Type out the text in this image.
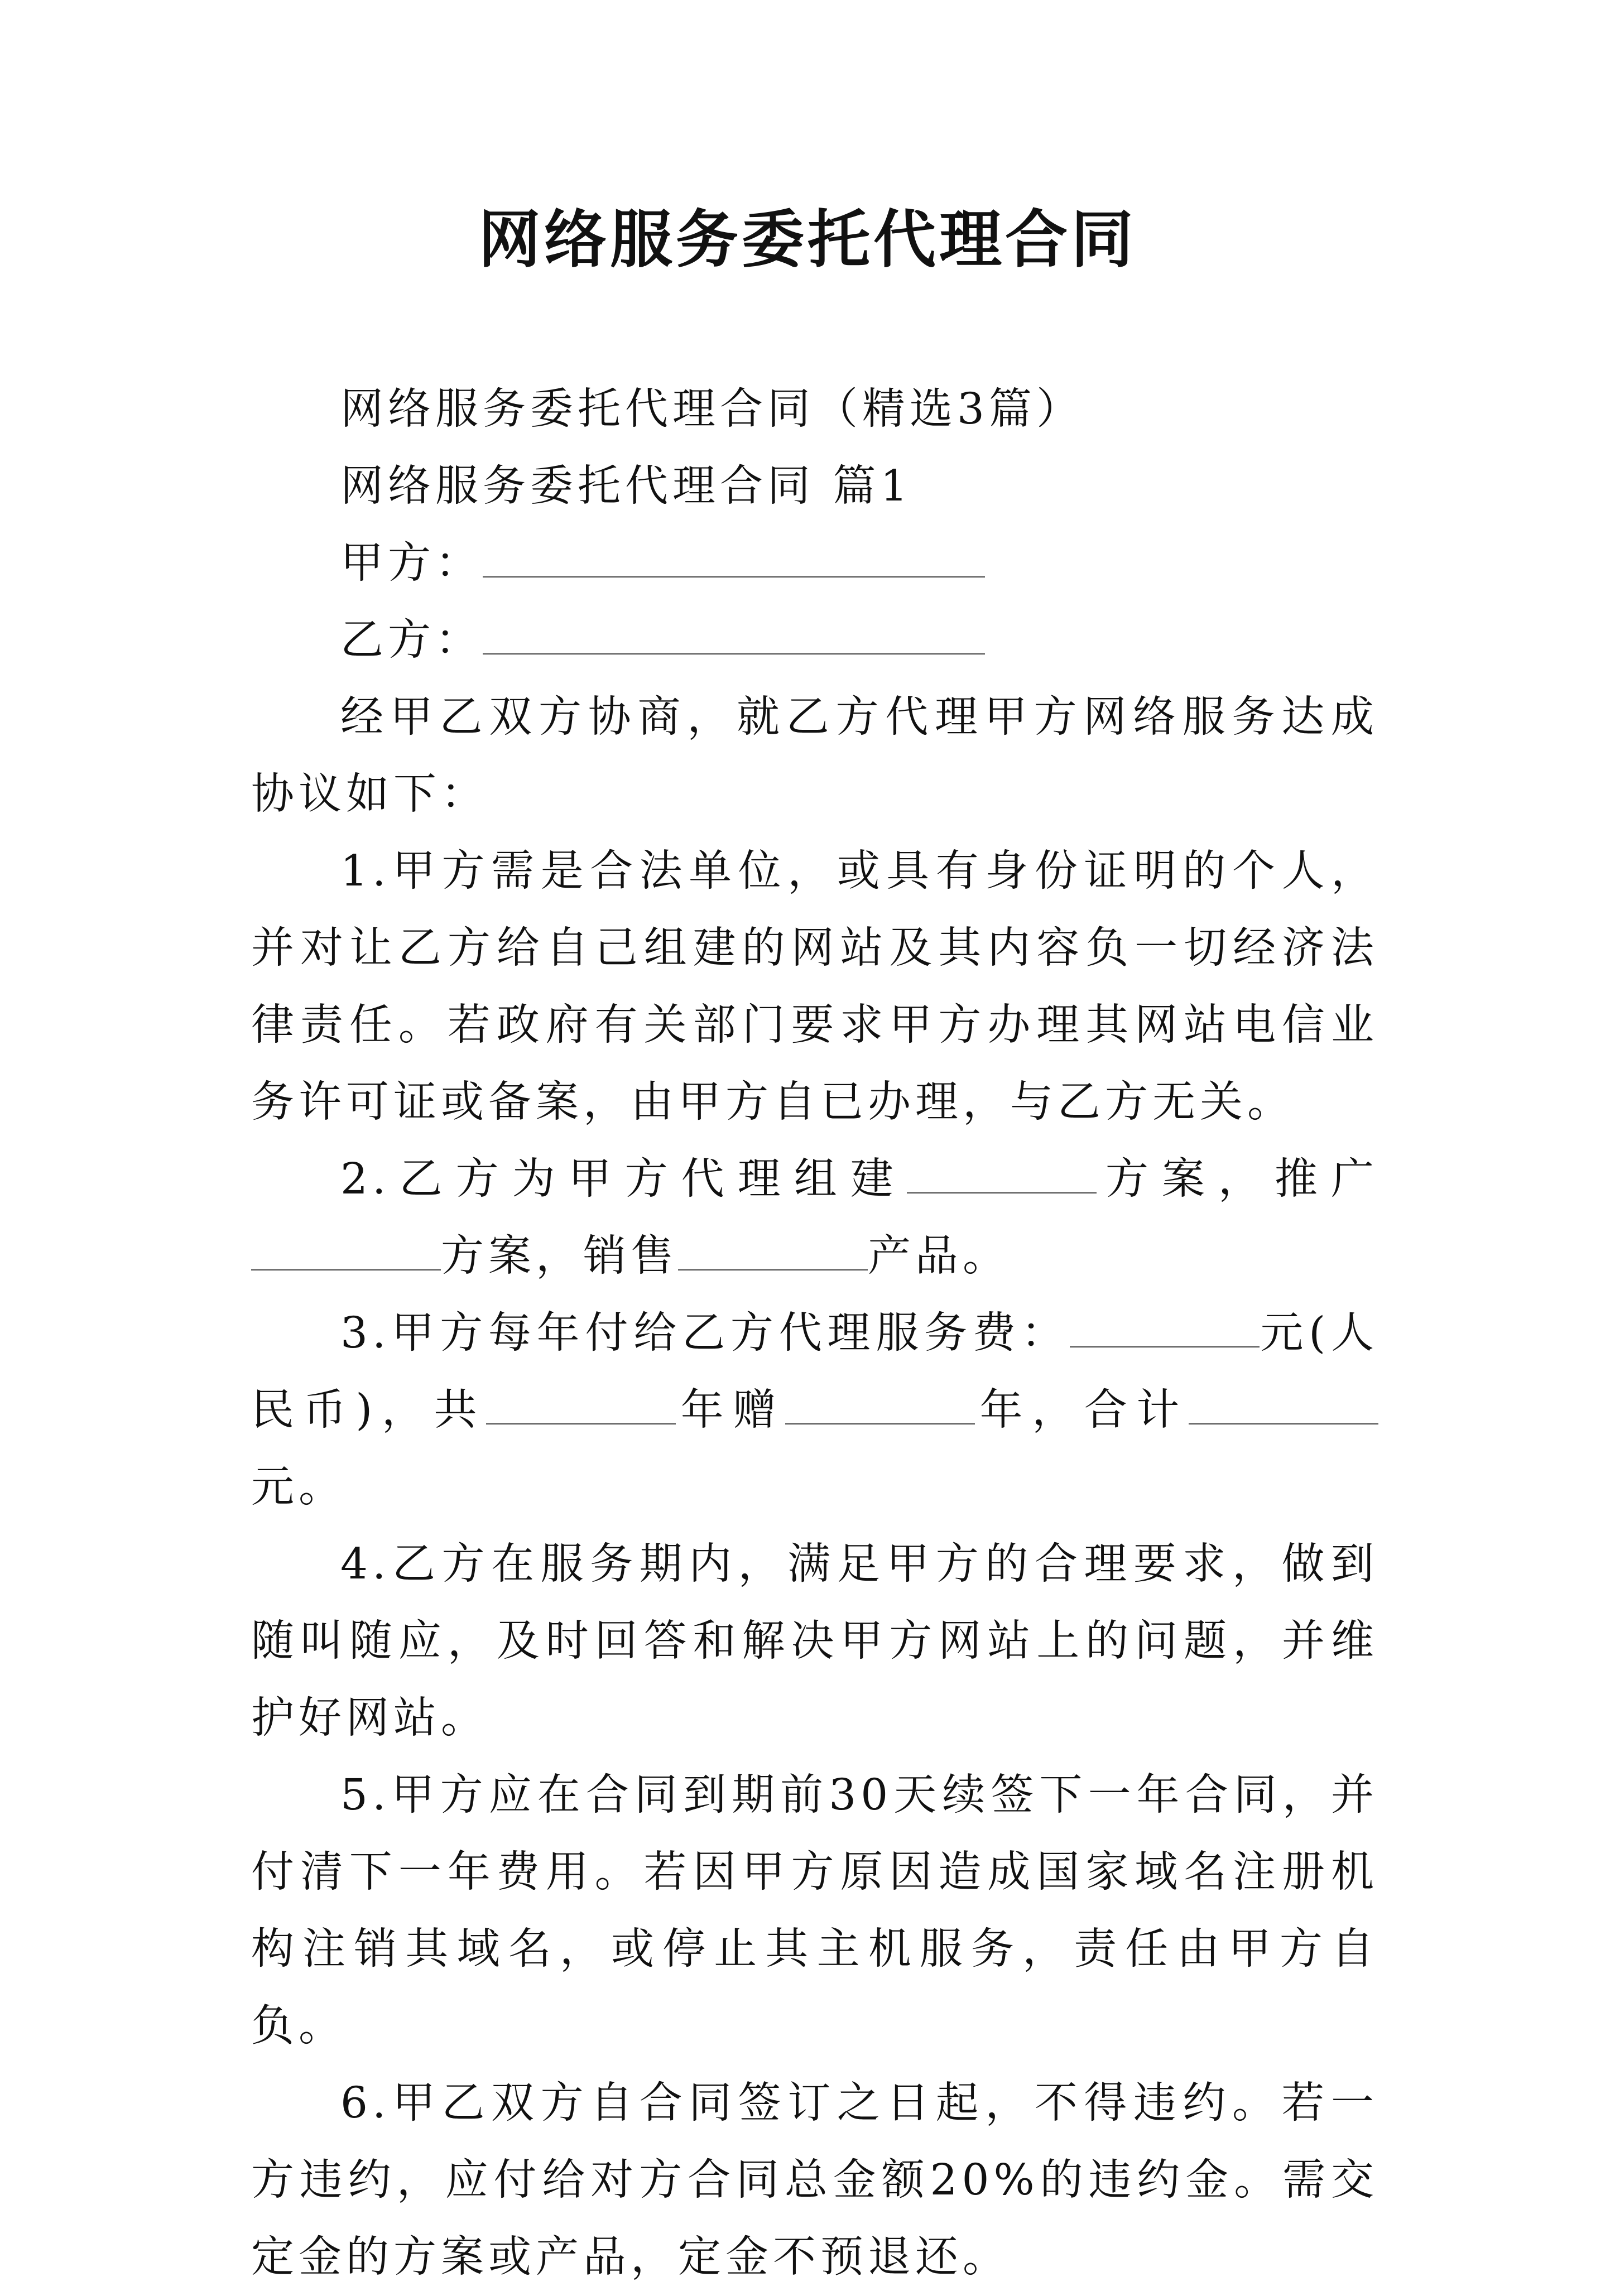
网络服务委托代理合同

网络服务委托代理合同（精选3篇）

网络服务委托代理合同 篇1

甲方：

乙方：

经甲乙双方协商，就乙方代理甲方网络服务达成协议如下：

1.甲方需是合法单位，或具有身份证明的个人，并对让乙方给自己组建的网站及其内容负一切经济法律责任。若政府有关部门要求甲方办理其网站电信业务许可证或备案，由甲方自已办理，与乙方无关。

2.乙方为甲方代理组建	方案，推广方案，销售	产品。

3.甲方每年付给乙方代理服务费：	元(人民币)，共	年赠	年，合计元。

4.乙方在服务期内，满足甲方的合理要求，做到随叫随应，及时回答和解决甲方网站上的问题，并维护好网站。

5.甲方应在合同到期前30天续签下一年合同，并付清下一年费用。若因甲方原因造成国家域名注册机构注销其域名，或停止其主机服务，责任由甲方自负。

6.甲乙双方自合同签订之日起，不得违约。若一方违约，应付给对方合同总金额20%的违约金。需交定金的方案或产品，定金不预退还。
